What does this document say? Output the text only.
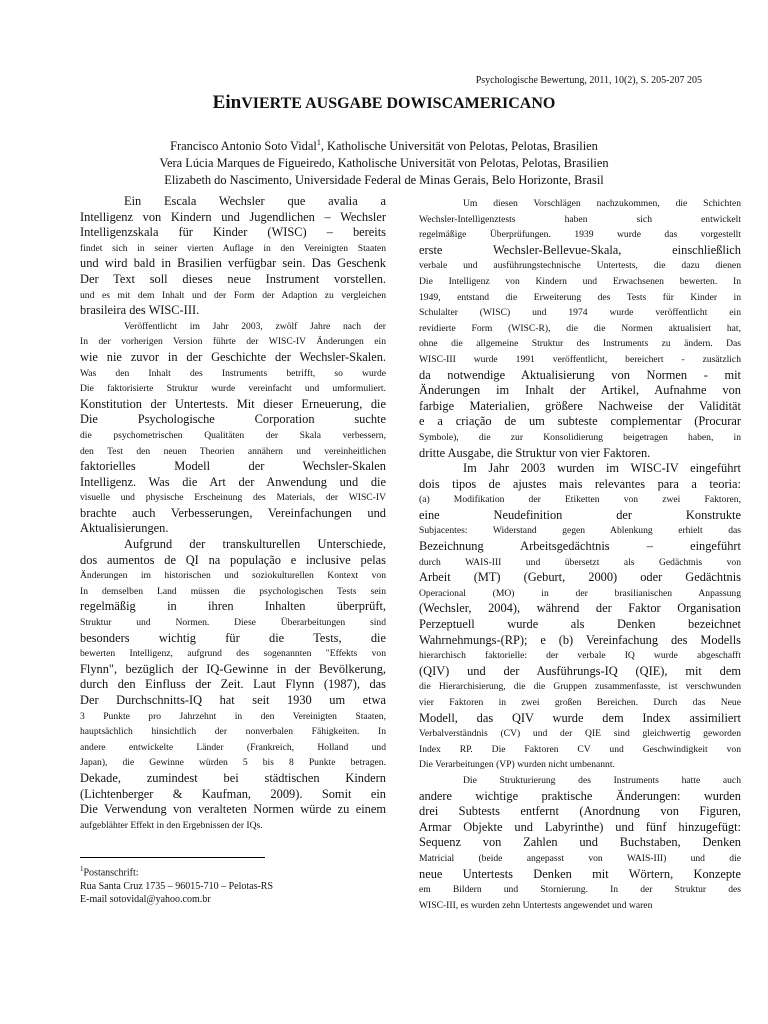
Psychologische Bewertung, 2011, 10(2), S. 205-207 205
EinVIERTE AUSGABE DOWISCAMERICANO
Francisco Antonio Soto Vidal$^1$, Katholische Universität von Pelotas, Pelotas, Brasilien
Vera Lúcia Marques de Figueiredo, Katholische Universität von Pelotas, Pelotas, Brasilien
Elizabeth do Nascimento, Universidade Federal de Minas Gerais, Belo Horizonte, Brasil
Ein Escala Wechsler que avalia a
Intelligenz von Kindern und Jugendlichen – Wechsler
Intelligenzskala für Kinder (WISC) – bereits
findet sich in seiner vierten Auflage in den Vereinigten Staaten
und wird bald in Brasilien verfügbar sein. Das Geschenk
Der Text soll dieses neue Instrument vorstellen.
und es mit dem Inhalt und der Form der Adaption zu vergleichen
brasileira des WISC-III.
Veröffentlicht im Jahr 2003, zwölf Jahre nach der
In der vorherigen Version führte der WISC-IV Änderungen ein
wie nie zuvor in der Geschichte der Wechsler-Skalen.
Was den Inhalt des Instruments betrifft, so wurde
Die faktorisierte Struktur wurde vereinfacht und umformuliert.
Konstitution der Untertests. Mit dieser Erneuerung, die
Die Psychologische Corporation suchte
die psychometrischen Qualitäten der Skala verbessern,
den Test den neuen Theorien annähern und vereinheitlichen
faktorielles Modell der Wechsler-Skalen
Intelligenz. Was die Art der Anwendung und die
visuelle und physische Erscheinung des Materials, der WISC-IV
brachte auch Verbesserungen, Vereinfachungen und
Aktualisierungen.
Aufgrund der transkulturellen Unterschiede,
dos aumentos de QI na população e inclusive pelas
Änderungen im historischen und soziokulturellen Kontext von
In demselben Land müssen die psychologischen Tests sein
regelmäßig in ihren Inhalten überprüft,
Struktur und Normen. Diese Überarbeitungen sind
besonders wichtig für die Tests, die
bewerten Intelligenz, aufgrund des sogenannten "Effekts von
Flynn", bezüglich der IQ-Gewinne in der Bevölkerung,
durch den Einfluss der Zeit. Laut Flynn (1987), das
Der Durchschnitts-IQ hat seit 1930 um etwa
3 Punkte pro Jahrzehnt in den Vereinigten Staaten,
hauptsächlich hinsichtlich der nonverbalen Fähigkeiten. In
andere entwickelte Länder (Frankreich, Holland und
Japan), die Gewinne würden 5 bis 8 Punkte betragen.
Dekade, zumindest bei städtischen Kindern
(Lichtenberger & Kaufman, 2009). Somit ein
Die Verwendung von veralteten Normen würde zu einem
aufgeblähter Effekt in den Ergebnissen der IQs.
Um diesen Vorschlägen nachzukommen, die Schichten
Wechsler-Intelligenztests haben sich entwickelt
regelmäßige Überprüfungen. 1939 wurde das vorgestellt
erste Wechsler-Bellevue-Skala, einschließlich
verbale und ausführungstechnische Untertests, die dazu dienen
Die Intelligenz von Kindern und Erwachsenen bewerten. In
1949, entstand die Erweiterung des Tests für Kinder in
Schulalter (WISC) und 1974 wurde veröffentlicht ein
revidierte Form (WISC-R), die die Normen aktualisiert hat,
ohne die allgemeine Struktur des Instruments zu ändern. Das
WISC-III wurde 1991 veröffentlicht, bereichert - zusätzlich
da notwendige Aktualisierung von Normen - mit
Änderungen im Inhalt der Artikel, Aufnahme von
farbige Materialien, größere Nachweise der Validität
e a criação de um subteste complementar (Procurar
Symbole), die zur Konsolidierung beigetragen haben, in
dritte Ausgabe, die Struktur von vier Faktoren.
Im Jahr 2003 wurden im WISC-IV eingeführt
dois tipos de ajustes mais relevantes para a teoria:
(a) Modifikation der Etiketten von zwei Faktoren,
eine Neudefinition der Konstrukte
Subjacentes: Widerstand gegen Ablenkung erhielt das
Bezeichnung Arbeitsgedächtnis – eingeführt
durch WAIS-III und übersetzt als Gedächtnis von
Arbeit (MT) (Geburt, 2000) oder Gedächtnis
Operacional (MO) in der brasilianischen Anpassung
(Wechsler, 2004), während der Faktor Organisation
Perzeptuell wurde als Denken bezeichnet
Wahrnehmungs-(RP); e (b) Vereinfachung des Modells
hierarchisch faktorielle: der verbale IQ wurde abgeschafft
(QIV) und der Ausführungs-IQ (QIE), mit dem
die Hierarchisierung, die die Gruppen zusammenfasste, ist verschwunden
vier Faktoren in zwei großen Bereichen. Durch das Neue
Modell, das QIV wurde dem Index assimiliert
Verbalverständnis (CV) und der QIE sind gleichwertig geworden
Index RP. Die Faktoren CV und Geschwindigkeit von
Die Verarbeitungen (VP) wurden nicht umbenannt.
Die Strukturierung des Instruments hatte auch
andere wichtige praktische Änderungen: wurden
drei Subtests entfernt (Anordnung von Figuren,
Armar Objekte und Labyrinthe) und fünf hinzugefügt:
Sequenz von Zahlen und Buchstaben, Denken
Matricial (beide angepasst von WAIS-III) und die
neue Untertests Denken mit Wörtern, Konzepte
em Bildern und Stornierung. In der Struktur des
WISC-III, es wurden zehn Untertests angewendet und waren
$^1$Postanschrift:
Rua Santa Cruz 1735 – 96015-710 – Pelotas-RS
E-mail sotovidal@yahoo.com.br
